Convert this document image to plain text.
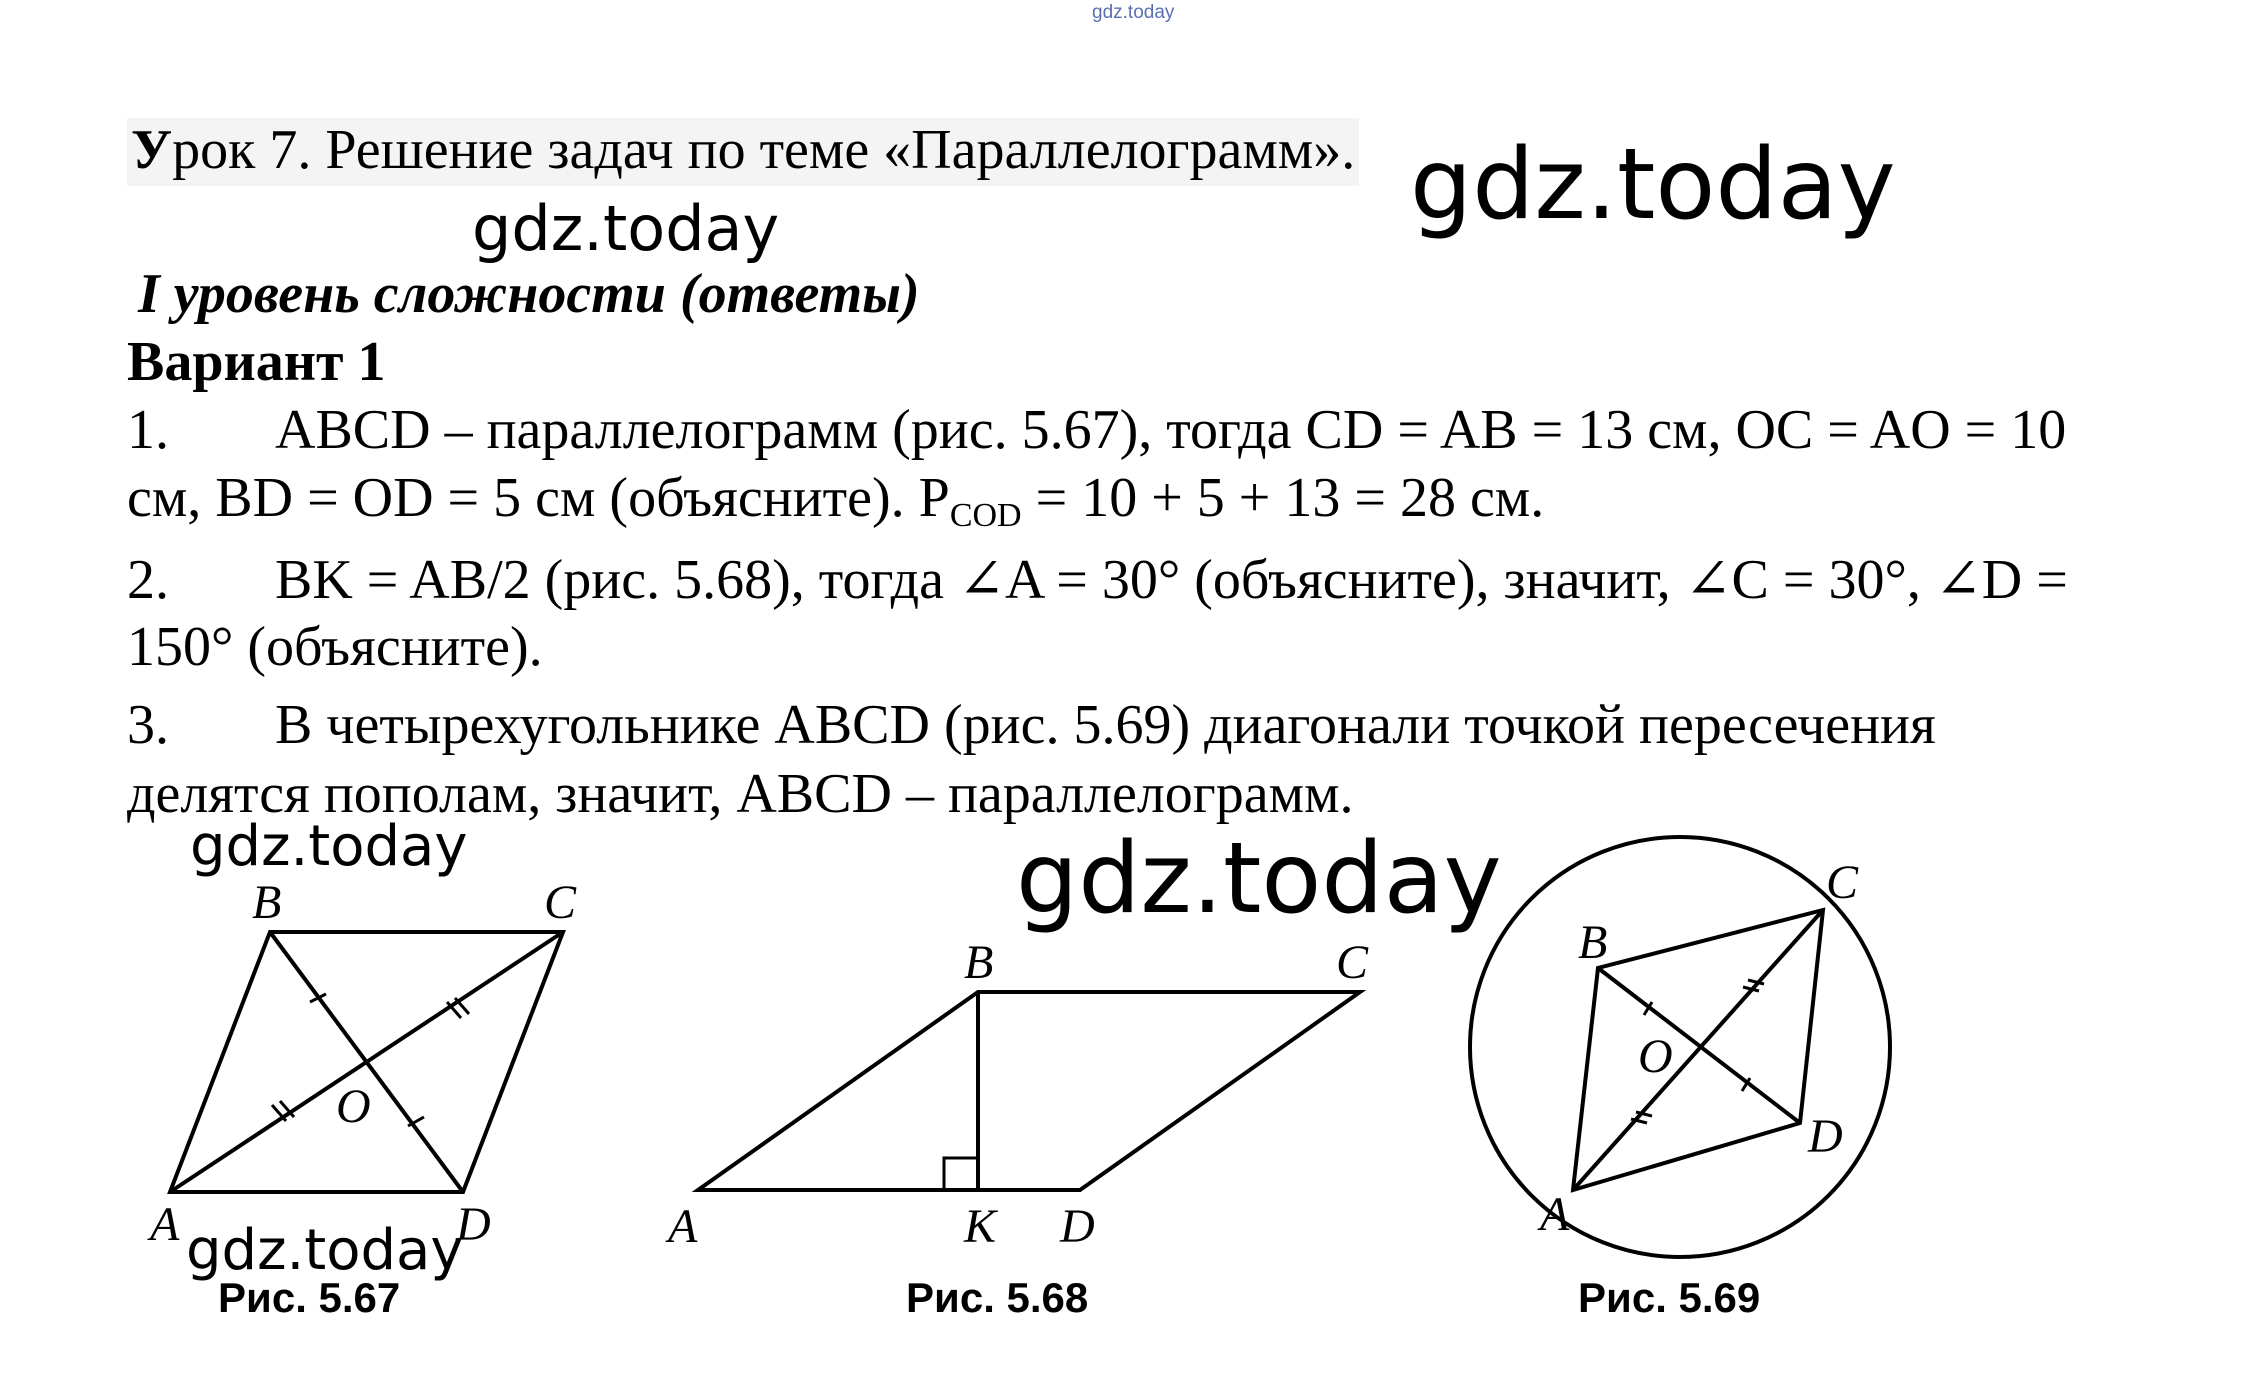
gdz.today
Урок 7. Решение задач по теме «Параллелограмм». gdz.today
gdz.today
I уровень сложности (ответы)
Вариант 1
1. ABCD – параллелограмм (рис. 5.67), тогда CD = AB = 13 см, OC = AO = 10
см, BD = OD = 5 см (объясните). $P_{COD} = 10 + 5 + 13 = 28$ см.
2. BK = AB/2 (рис. 5.68), тогда ∠A = 30° (объясните), значит, ∠C = 30°, ∠D =
150° (объясните).
3. В четырехугольнике ABCD (рис. 5.69) диагонали точкой пересечения
делятся пополам, значит, ABCD – параллелограмм.
gdz.today	gdz.today
B	C
O
A	D
B	C
A	K D
B
C
O
D
A
Рис. 5.67	Рис. 5.68	Рис. 5.69
gdz.today
